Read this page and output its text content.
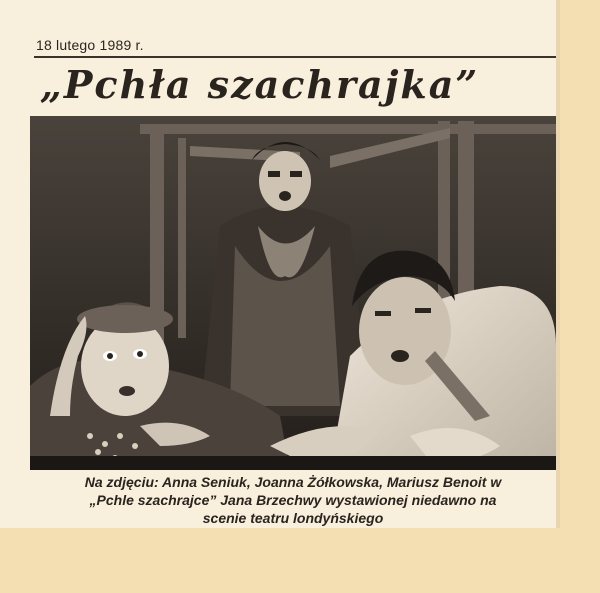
18 lutego 1989 r.
„Pchła szachrajka”
Na zdjęciu: Anna Seniuk, Joanna Żółkowska, Mariusz Benoit w
„Pchle szachrajce” Jana Brzechwy wystawionej niedawno na
scenie teatru londyńskiego
